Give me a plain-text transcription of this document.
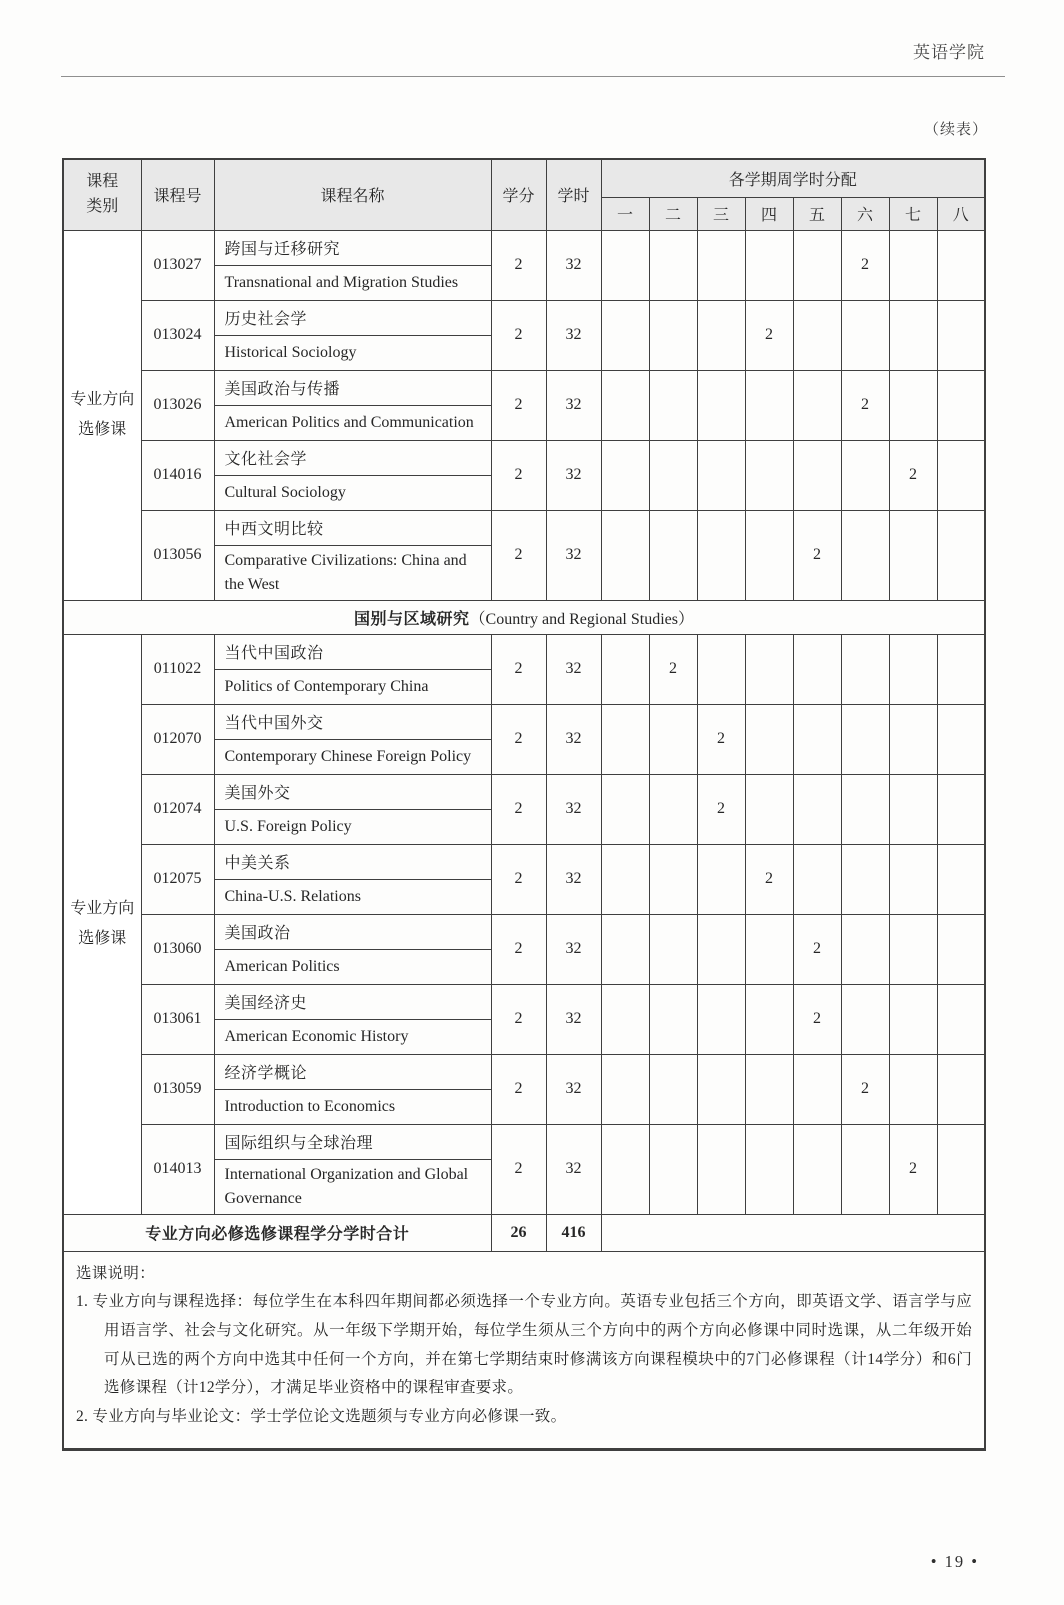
英语学院
（续表）
课程类别	课程号	课程名称	学分	学时	各学期周学时分配							
					一	二	三	四	五	六	七	八
专业方向选修课	013027	跨国与迁移研究
Transnational and Migration Studies	2	32						2		
	013024	历史社会学
Historical Sociology	2	32				2				
	013026	美国政治与传播
American Politics and Communication	2	32						2		
	014016	文化社会学
Cultural Sociology	2	32							2	
	013056	中西文明比较
Comparative Civilizations: China and the West	2	32					2			
国别与区域研究（Country and Regional Studies）												
专业方向选修课	011022	当代中国政治
Politics of Contemporary China	2	32		2						
	012070	当代中国外交
Contemporary Chinese Foreign Policy	2	32			2					
	012074	美国外交
U.S. Foreign Policy	2	32			2					
	012075	中美关系
China-U.S. Relations	2	32				2				
	013060	美国政治
American Politics	2	32					2			
	013061	美国经济史
American Economic History	2	32					2			
	013059	经济学概论
Introduction to Economics	2	32						2		
	014013	国际组织与全球治理
International Organization and Global Governance	2	32							2	
专业方向必修选修课程学分学时合计			26	416								

选课说明：
1. 专业方向与课程选择：每位学生在本科四年期间都必须选择一个专业方向。英语专业包括三个方向，即英语文学、语言学与应用语言学、社会与文化研究。从一年级下学期开始，每位学生须从三个方向中的两个方向必修课中同时选课，从二年级开始可从已选的两个方向中选其中任何一个方向，并在第七学期结束时修满该方向课程模块中的7门必修课程（计14学分）和6门选修课程（计12学分），才满足毕业资格中的课程审查要求。
2. 专业方向与毕业论文：学士学位论文选题须与专业方向必修课一致。												
• 19 •
